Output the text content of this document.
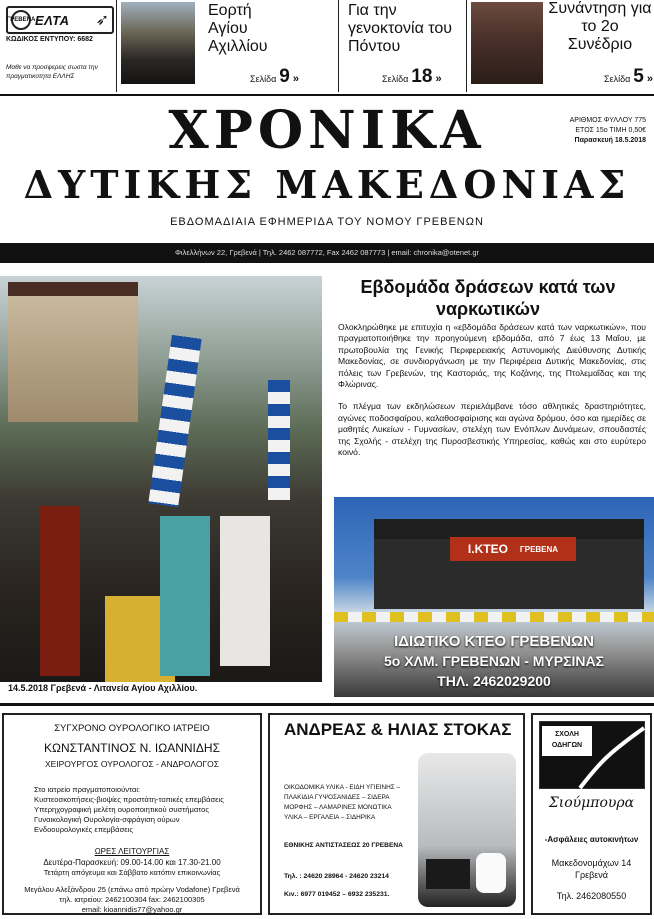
ΓΡΕΒΕΝΑ ΕΛΤΑ ➶
ΚΩΔΙΚΟΣ ΕΝΤΥΠΟΥ: 6682
Μαθε να προσφερεις σωστα την πραγματικοτητα ΕΛΛΗΣ
Εορτή Αγίου Αχιλλίου
Σελίδα 9 »
Για την γενοκτονία του Πόντου
Σελίδα 18 »
Συνάντηση για το 2ο Συνέδριο
Σελίδα 5 »
ΧΡΟΝΙΚΑ
ΔΥΤΙΚΗΣ ΜΑΚΕΔΟΝΙΑΣ
ΕΒΔΟΜΑΔΙΑΙΑ ΕΦΗΜΕΡΙΔΑ ΤΟΥ ΝΟΜΟΥ ΓΡΕΒΕΝΩΝ
ΑΡΙΘΜΟΣ ΦΥΛΛΟΥ 775
ΕΤΟΣ 15ο ΤΙΜΗ 0,50€
Παρασκευή 18.5.2018
Φιλελλήνων 22, Γρεβενά | Τηλ. 2462 087772, Fax 2462 087773 | email: chronika@otenet.gr
14.5.2018 Γρεβενά - Λιτανεία Αγίου Αχιλλίου.
Εβδομάδα δράσεων κατά των ναρκωτικών

Ολοκληρώθηκε με επιτυχία η «εβδομάδα δράσεων κατά των ναρκωτικών», που πραγματοποιήθηκε την προηγούμενη εβδομάδα, από 7 έως 13 Μαΐου, με πρωτοβουλία της Γενικής Περιφερειακής Αστυνομικής Διεύθυνσης Δυτικής Μακεδονίας, σε συνδιοργάνωση με την Περιφέρεια Δυτικής Μακεδονίας, στις πόλεις των Γρεβενών, της Καστοριάς, της Κοζάνης, της Πτολεμαΐδας και της Φλώρινας.

Το πλέγμα των εκδηλώσεων περιελάμβανε τόσο αθλητικές δραστηριότητες, αγώνες ποδοσφαίρου, καλαθοσφαίρισης και αγώνα δρόμου, όσο και ημερίδες σε μαθητές Λυκείων - Γυμνασίων, στελέχη των Ενόπλων Δυνάμεων, σπουδαστές της Σχολής - στελέχη της Πυροσβεστικής Υπηρεσίας, καθώς και στο ευρύτερο κοινό.

Ι.ΚΤΕΟ ΓΡΕΒΕΝΑ
ΙΔΙΩΤΙΚΟ ΚΤΕΟ ΓΡΕΒΕΝΩΝ
5ο ΧΛΜ. ΓΡΕΒΕΝΩΝ - ΜΥΡΣΙΝΑΣ
ΤΗΛ. 2462029200
ΣΥΓΧΡΟΝΟ ΟΥΡΟΛΟΓΙΚΟ ΙΑΤΡΕΙΟ
ΚΩΝΣΤΑΝΤΙΝΟΣ Ν. ΙΩΑΝΝΙΔΗΣ
ΧΕΙΡΟΥΡΓΟΣ ΟΥΡΟΛΟΓΟΣ - ΑΝΔΡΟΛΟΓΟΣ
Στο ιατρείο πραγματοποιούνται:
Κυστεοσκοπήσεις-βιοψίες προστάτη-τοπικές επεμβάσεις
Υπερηχογραφική μελέτη ουροποιητικού συστήματος
Γυναικολογική Ουρολογία-σφράγιση ούρων
Ενδοουρολογικές επεμβάσεις
ΩΡΕΣ ΛΕΙΤΟΥΡΓΙΑΣ
Δευτέρα-Παρασκευή: 09.00-14.00 και 17.30-21.00
Τετάρτη απόγευμα και Σάββατο κατόπιν επικοινωνίας
Μεγάλου Αλεξάνδρου 25 (επάνω από πρώην Vodafone) Γρεβενά
τηλ. ιατρείου: 2462100304 fax: 2462100305
email: kioannidis77@yahoo.gr
ΑΝΔΡΕΑΣ & ΗΛΙΑΣ ΣΤΟΚΑΣ
ΟΙΚΟΔΟΜΙΚΑ ΥΛΙΚΑ - ΕΙΔΗ ΥΓΙΕΙΝΗΣ – ΠΛΑΚΙΔΙΑ ΓΥΨΟΣΑΝΙΔΕΣ – ΣΙΔΕΡΑ ΜΟΡΦΗΣ – ΛΑΜΑΡΙΝΕΣ ΜΟΝΩΤΙΚΑ ΥΛΙΚΑ – ΕΡΓΑΛΕΙΑ – ΣΙΔΗΡΙΚΑ
ΕΘΝΙΚΗΣ ΑΝΤΙΣΤΑΣΕΩΣ 20 ΓΡΕΒΕΝΑ
Τηλ. : 24620 28964 - 24620 23214
Κιν.: 6977 019452 – 6932 235231.
ΣΧΟΛΗ
ΟΔΗΓΩΝ
Σιούμπουρα
-Ασφάλειες αυτοκινήτων
Μακεδονομάχων 14 Γρεβενά
Τηλ. 2462080550
